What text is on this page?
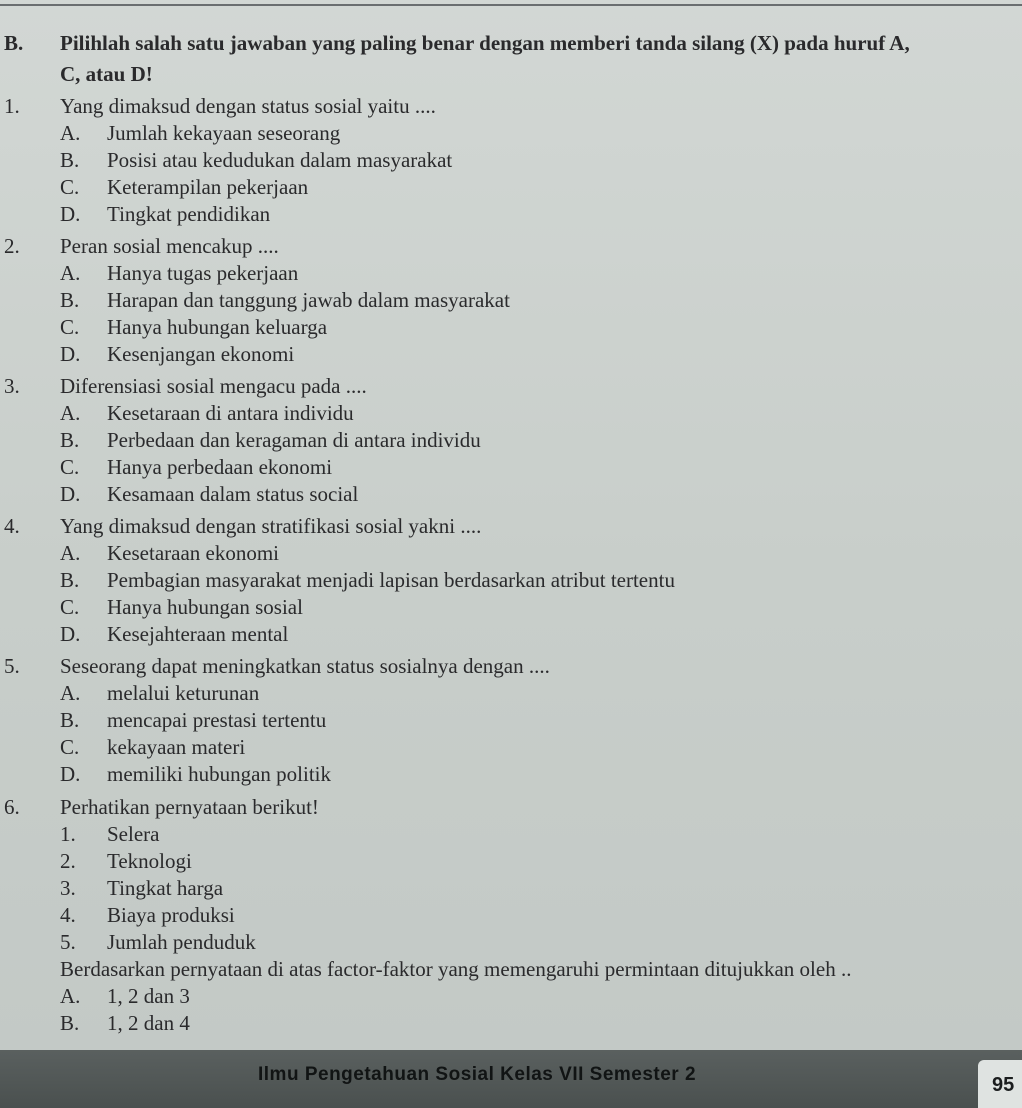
B. Pilihlah salah satu jawaban yang paling benar dengan memberi tanda silang (X) pada huruf A,
C, atau D!
1. Yang dimaksud dengan status sosial yaitu ....
A. Jumlah kekayaan seseorang
B. Posisi atau kedudukan dalam masyarakat
C. Keterampilan pekerjaan
D. Tingkat pendidikan
2. Peran sosial mencakup ....
A. Hanya tugas pekerjaan
B. Harapan dan tanggung jawab dalam masyarakat
C. Hanya hubungan keluarga
D. Kesenjangan ekonomi
3. Diferensiasi sosial mengacu pada ....
A. Kesetaraan di antara individu
B. Perbedaan dan keragaman di antara individu
C. Hanya perbedaan ekonomi
D. Kesamaan dalam status social
4. Yang dimaksud dengan stratifikasi sosial yakni ....
A. Kesetaraan ekonomi
B. Pembagian masyarakat menjadi lapisan berdasarkan atribut tertentu
C. Hanya hubungan sosial
D. Kesejahteraan mental
5. Seseorang dapat meningkatkan status sosialnya dengan ....
A. melalui keturunan
B. mencapai prestasi tertentu
C. kekayaan materi
D. memiliki hubungan politik
6. Perhatikan pernyataan berikut!
1. Selera
2. Teknologi
3. Tingkat harga
4. Biaya produksi
5. Jumlah penduduk
Berdasarkan pernyataan di atas factor-faktor yang memengaruhi permintaan ditujukkan oleh ..
A. 1, 2 dan 3
B. 1, 2 dan 4
Ilmu Pengetahuan Sosial Kelas VII Semester 2	95
